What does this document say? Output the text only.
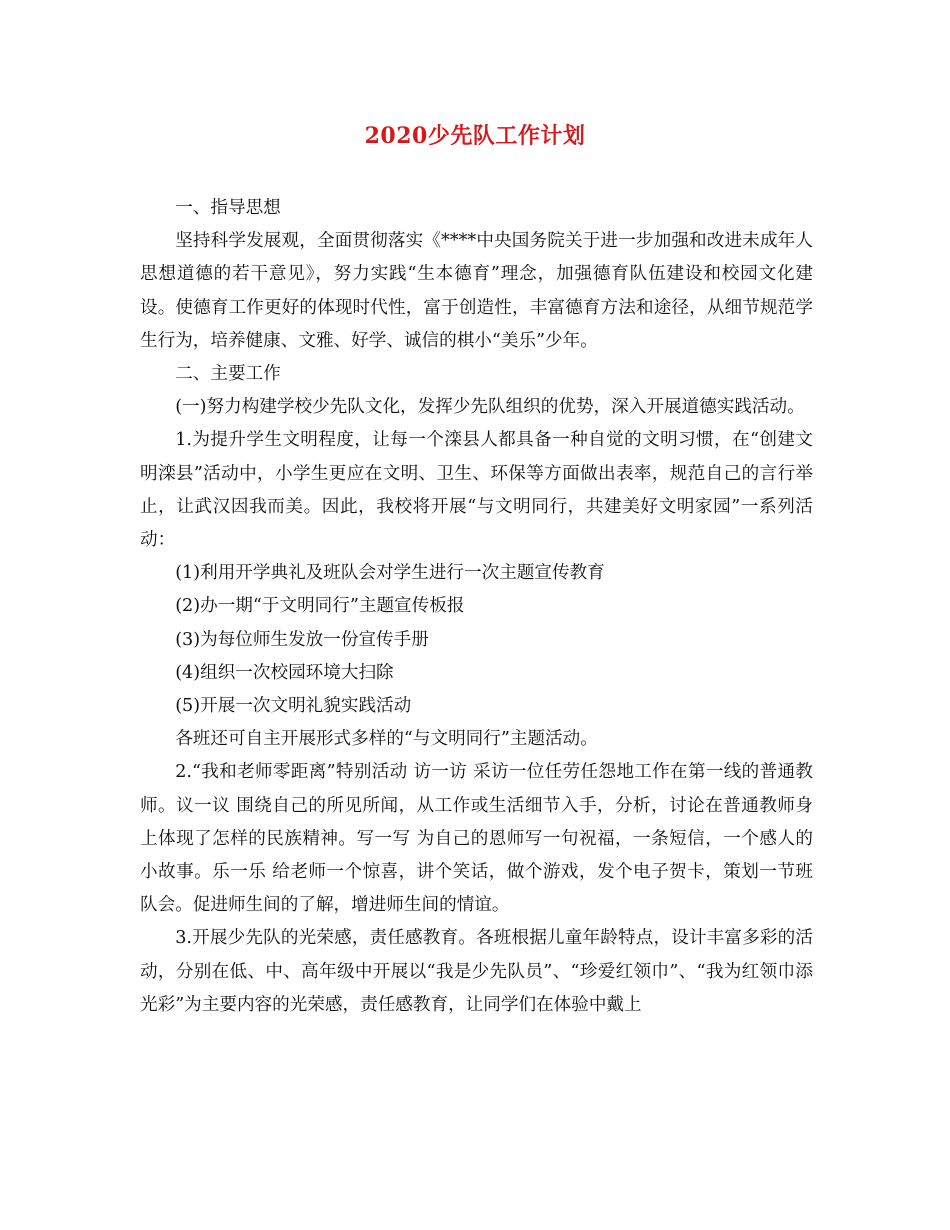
2020少先队工作计划

一、指导思想

坚持科学发展观，全面贯彻落实《****中央国务院关于进一步加强和改进未成年人思想道德的若干意见》，努力实践“生本德育”理念，加强德育队伍建设和校园文化建设。使德育工作更好的体现时代性，富于创造性，丰富德育方法和途径，从细节规范学生行为，培养健康、文雅、好学、诚信的棋小“美乐”少年。

二、主要工作

(一)努力构建学校少先队文化，发挥少先队组织的优势，深入开展道德实践活动。

1.为提升学生文明程度，让每一个滦县人都具备一种自觉的文明习惯，在“创建文明滦县”活动中，小学生更应在文明、卫生、环保等方面做出表率，规范自己的言行举止，让武汉因我而美。因此，我校将开展“与文明同行，共建美好文明家园”一系列活动：

(1)利用开学典礼及班队会对学生进行一次主题宣传教育

(2)办一期“于文明同行”主题宣传板报

(3)为每位师生发放一份宣传手册

(4)组织一次校园环境大扫除

(5)开展一次文明礼貌实践活动

各班还可自主开展形式多样的“与文明同行”主题活动。

2.“我和老师零距离”特别活动 访一访 采访一位任劳任怨地工作在第一线的普通教师。议一议 围绕自己的所见所闻，从工作或生活细节入手，分析，讨论在普通教师身上体现了怎样的民族精神。写一写 为自己的恩师写一句祝福，一条短信，一个感人的小故事。乐一乐 给老师一个惊喜，讲个笑话，做个游戏，发个电子贺卡，策划一节班队会。促进师生间的了解，增进师生间的情谊。

3.开展少先队的光荣感，责任感教育。各班根据儿童年龄特点，设计丰富多彩的活动，分别在低、中、高年级中开展以“我是少先队员”、“珍爱红领巾”、“我为红领巾添光彩”为主要内容的光荣感，责任感教育，让同学们在体验中戴上
